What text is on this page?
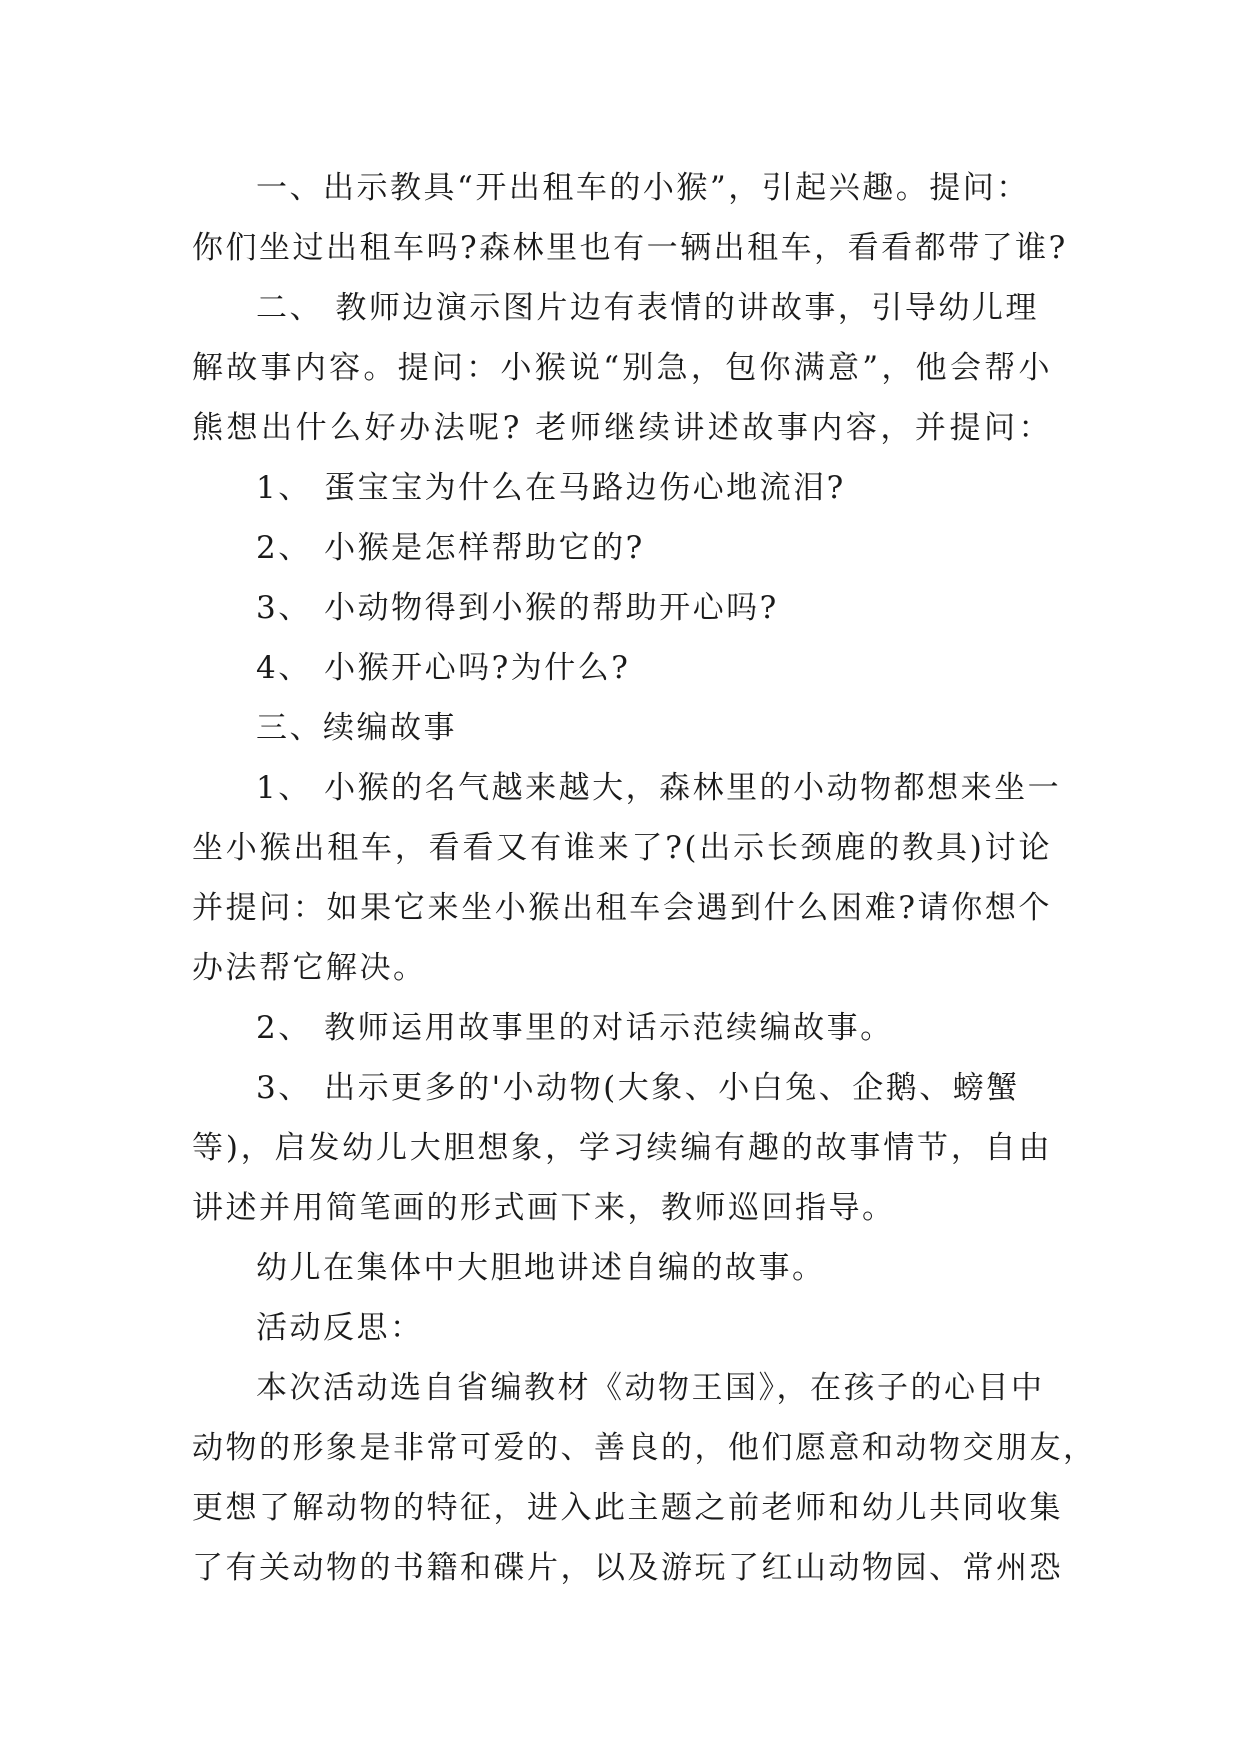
一、出示教具“开出租车的小猴”，引起兴趣。提问：
你们坐过出租车吗?森林里也有一辆出租车，看看都带了谁?
二、 教师边演示图片边有表情的讲故事，引导幼儿理
解故事内容。提问：小猴说“别急，包你满意”，他会帮小
熊想出什么好办法呢? 老师继续讲述故事内容，并提问：
1、 蛋宝宝为什么在马路边伤心地流泪?
2、 小猴是怎样帮助它的?
3、 小动物得到小猴的帮助开心吗?
4、 小猴开心吗?为什么?
三、续编故事
1、 小猴的名气越来越大，森林里的小动物都想来坐一
坐小猴出租车，看看又有谁来了?(出示长颈鹿的教具)讨论
并提问：如果它来坐小猴出租车会遇到什么困难?请你想个
办法帮它解决。
2、 教师运用故事里的对话示范续编故事。
3、 出示更多的'小动物(大象、小白兔、企鹅、螃蟹
等)，启发幼儿大胆想象，学习续编有趣的故事情节，自由
讲述并用简笔画的形式画下来，教师巡回指导。
幼儿在集体中大胆地讲述自编的故事。
活动反思：
本次活动选自省编教材《动物王国》，在孩子的心目中
动物的形象是非常可爱的、善良的，他们愿意和动物交朋友，
更想了解动物的特征，进入此主题之前老师和幼儿共同收集
了有关动物的书籍和碟片，以及游玩了红山动物园、常州恐
